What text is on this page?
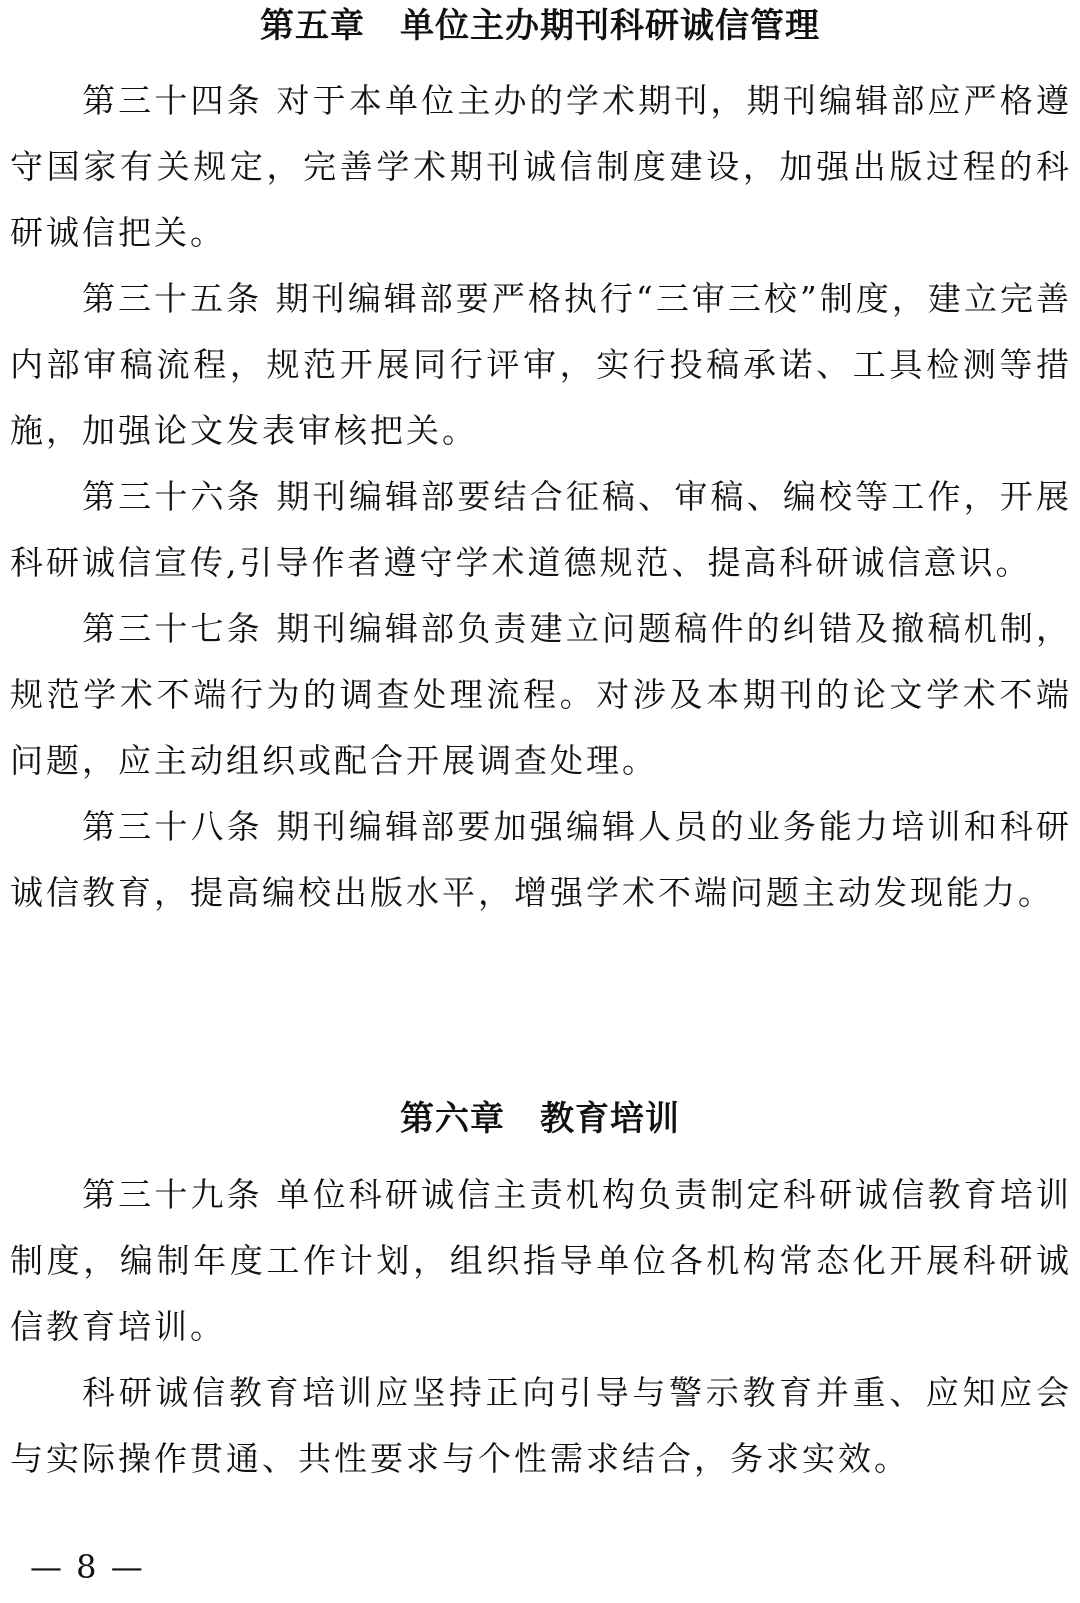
第五章　单位主办期刊科研诚信管理

第三十四条 对于本单位主办的学术期刊，期刊编辑部应严格遵守国家有关规定，完善学术期刊诚信制度建设，加强出版过程的科研诚信把关。

第三十五条 期刊编辑部要严格执行“三审三校”制度，建立完善内部审稿流程，规范开展同行评审，实行投稿承诺、工具检测等措施，加强论文发表审核把关。

第三十六条 期刊编辑部要结合征稿、审稿、编校等工作，开展科研诚信宣传,引导作者遵守学术道德规范、提高科研诚信意识。

第三十七条 期刊编辑部负责建立问题稿件的纠错及撤稿机制，规范学术不端行为的调查处理流程。对涉及本期刊的论文学术不端问题，应主动组织或配合开展调查处理。

第三十八条 期刊编辑部要加强编辑人员的业务能力培训和科研诚信教育，提高编校出版水平，增强学术不端问题主动发现能力。

第六章　教育培训

第三十九条 单位科研诚信主责机构负责制定科研诚信教育培训制度，编制年度工作计划，组织指导单位各机构常态化开展科研诚信教育培训。

科研诚信教育培训应坚持正向引导与警示教育并重、应知应会与实际操作贯通、共性要求与个性需求结合，务求实效。

— 8 —
